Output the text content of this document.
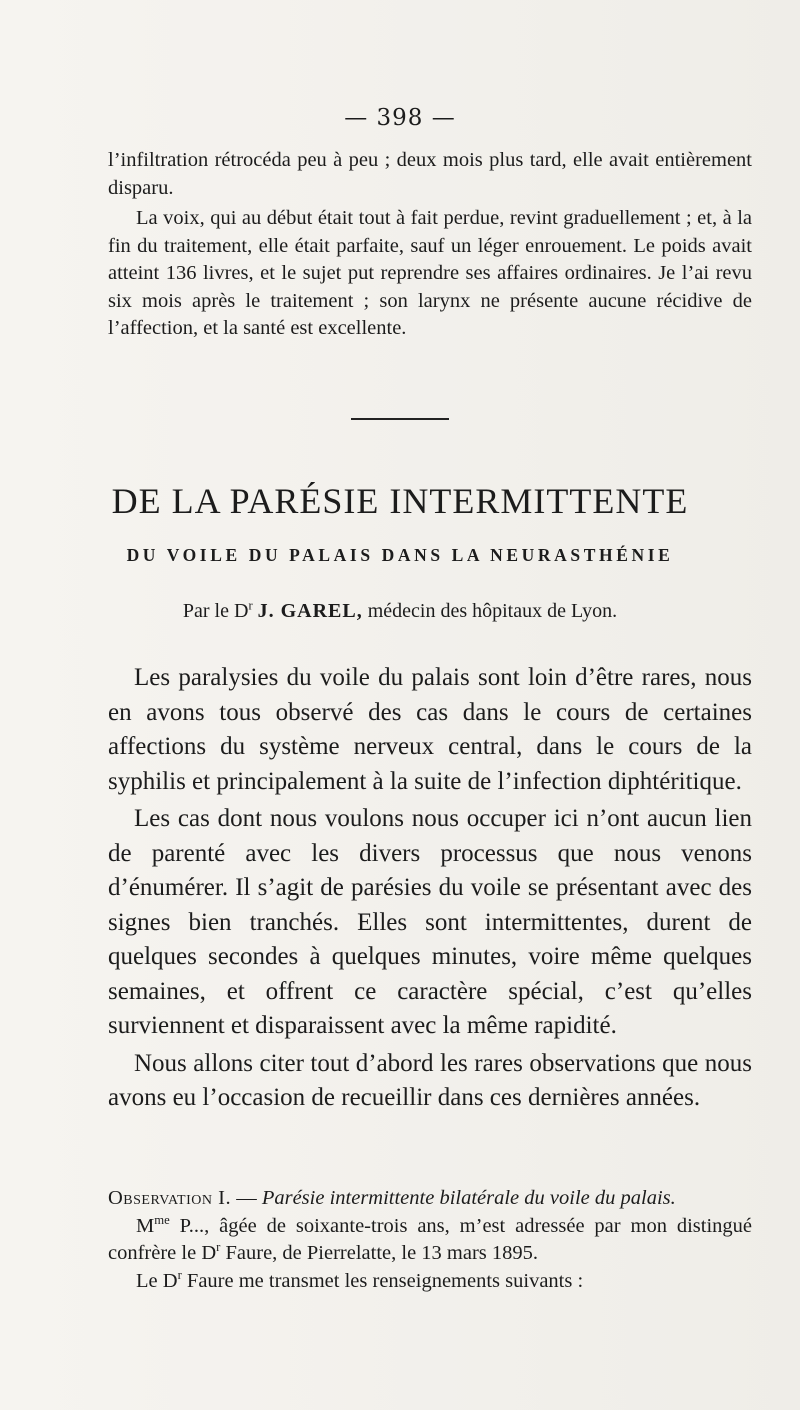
— 398 —

l’infiltration rétrocéda peu à peu ; deux mois plus tard, elle avait entièrement disparu.

La voix, qui au début était tout à fait perdue, revint graduellement ; et, à la fin du traitement, elle était parfaite, sauf un léger enrouement. Le poids avait atteint 136 livres, et le sujet put reprendre ses affaires ordinaires. Je l’ai revu six mois après le traitement ; son larynx ne présente aucune récidive de l’affection, et la santé est excellente.

DE LA PARÉSIE INTERMITTENTE
DU VOILE DU PALAIS DANS LA NEURASTHÉNIE
Par le $D^r$ J. GAREL, médecin des hôpitaux de Lyon.

Les paralysies du voile du palais sont loin d’être rares, nous en avons tous observé des cas dans le cours de certaines affections du système nerveux central, dans le cours de la syphilis et principalement à la suite de l’infection diphtéritique.

Les cas dont nous voulons nous occuper ici n’ont aucun lien de parenté avec les divers processus que nous venons d’énumérer. Il s’agit de parésies du voile se présentant avec des signes bien tranchés. Elles sont intermittentes, durent de quelques secondes à quelques minutes, voire même quelques semaines, et offrent ce caractère spécial, c’est qu’elles surviennent et disparaissent avec la même rapidité.

Nous allons citer tout d’abord les rares observations que nous avons eu l’occasion de recueillir dans ces dernières années.

Observation I. — Parésie intermittente bilatérale du voile du palais.

$M^{me}$ P..., âgée de soixante-trois ans, m’est adressée par mon distingué confrère le $D^r$ Faure, de Pierrelatte, le 13 mars 1895.

Le $D^r$ Faure me transmet les renseignements suivants :
